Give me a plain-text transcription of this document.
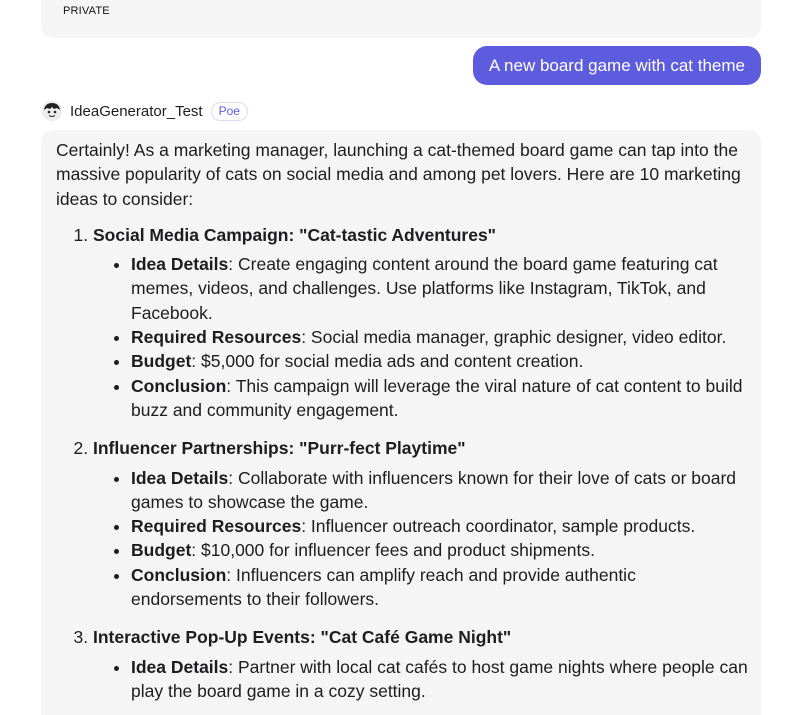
PRIVATE
A new board game with cat theme
IdeaGenerator_Test	Poe

Certainly! As a marketing manager, launching a cat-themed board game can tap into the massive popularity of cats on social media and among pet lovers. Here are 10 marketing ideas to consider:

1. Social Media Campaign: "Cat-tastic Adventures"
• Idea Details: Create engaging content around the board game featuring cat memes, videos, and challenges. Use platforms like Instagram, TikTok, and Facebook.
• Required Resources: Social media manager, graphic designer, video editor.
• Budget: $5,000 for social media ads and content creation.
• Conclusion: This campaign will leverage the viral nature of cat content to build buzz and community engagement.
2. Influencer Partnerships: "Purr-fect Playtime"
• Idea Details: Collaborate with influencers known for their love of cats or board games to showcase the game.
• Required Resources: Influencer outreach coordinator, sample products.
• Budget: $10,000 for influencer fees and product shipments.
• Conclusion: Influencers can amplify reach and provide authentic endorsements to their followers.
3. Interactive Pop-Up Events: "Cat Café Game Night"
• Idea Details: Partner with local cat cafés to host game nights where people can play the board game in a cozy setting.
